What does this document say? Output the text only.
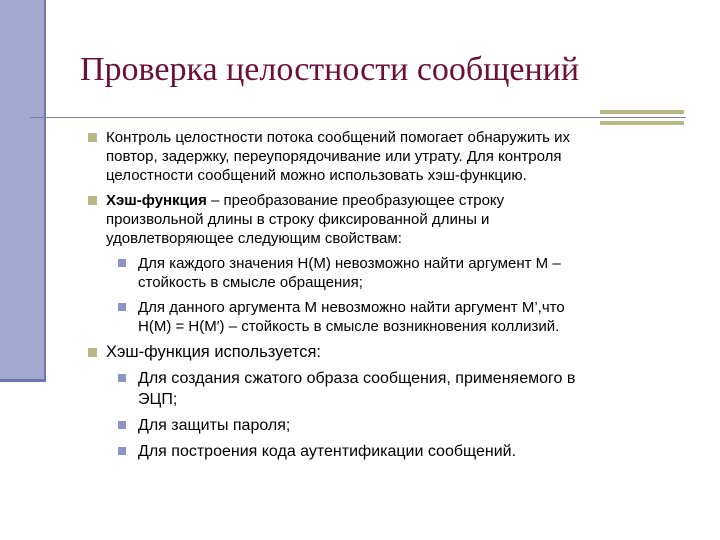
Проверка целостности сообщений
Контроль целостности потока сообщений помогает обнаружить их
повтор, задержку, переупорядочивание или утрату. Для контроля
целостности сообщений можно использовать хэш-функцию.
Хэш-функция – преобразование преобразующее строку
произвольной длины в строку фиксированной длины и
удовлетворяющее следующим свойствам:
Для каждого значения H(M) невозможно найти аргумент M –
стойкость в смысле обращения;
Для данного аргумента M невозможно найти аргумент M’,что
H(M) = H(M′) – стойкость в смысле возникновения коллизий.
Хэш-функция используется:
Для создания сжатого образа сообщения, применяемого в
ЭЦП;
Для защиты пароля;
Для построения кода аутентификации сообщений.
